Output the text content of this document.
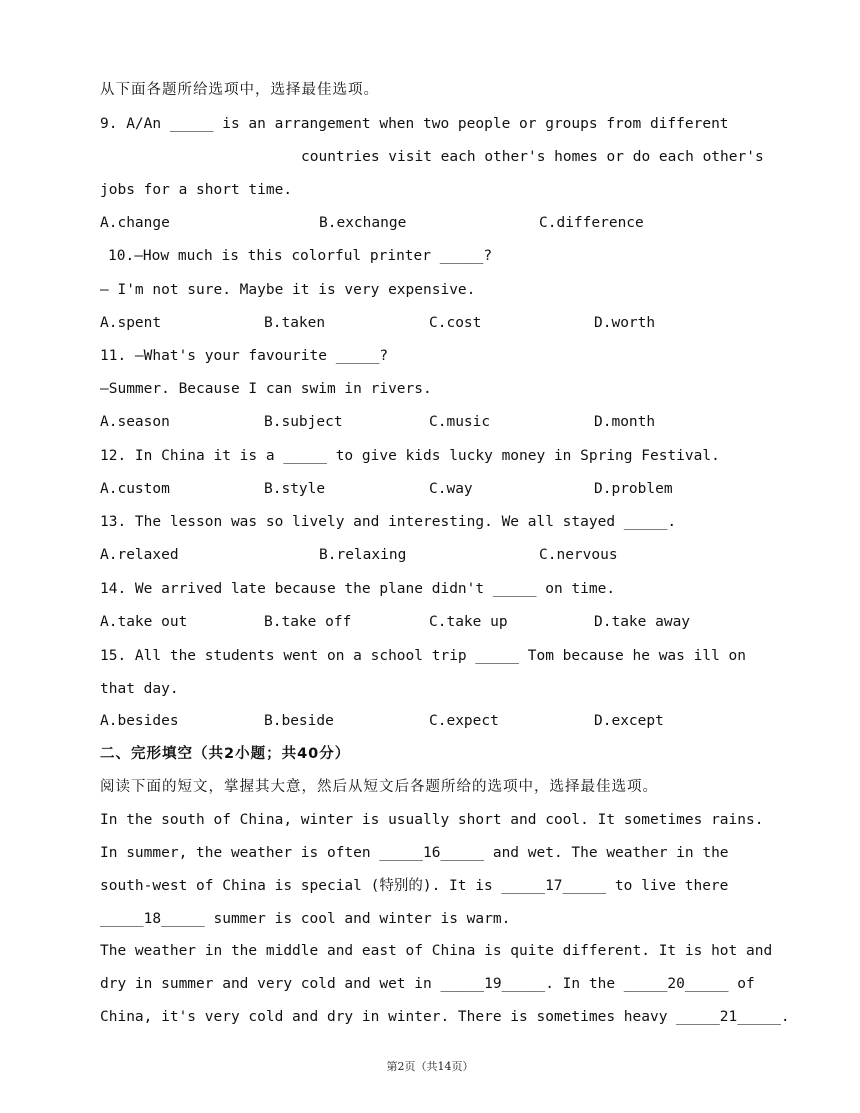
从下面各题所给选项中，选择最佳选项。
9. A/An _____ is an arrangement when two people or groups from different
countries visit each other's homes or do each other's
jobs for a short time.
A.change	B.exchange	C.difference
10.—How much is this colorful printer _____?
— I'm not sure. Maybe it is very expensive.
A.spent	B.taken	C.cost	D.worth
11. —What's your favourite _____?
—Summer. Because I can swim in rivers.
A.season	B.subject	C.music	D.month
12. In China it is a _____ to give kids lucky money in Spring Festival.
A.custom	B.style	C.way	D.problem
13. The lesson was so lively and interesting. We all stayed _____.
A.relaxed	B.relaxing	C.nervous
14. We arrived late because the plane didn't _____ on time.
A.take out	B.take off	C.take up	D.take away
15. All the students went on a school trip _____ Tom because he was ill on
that day.
A.besides	B.beside	C.expect	D.except
二、完形填空（共2小题；共40分）
阅读下面的短文，掌握其大意，然后从短文后各题所给的选项中，选择最佳选项。
In the south of China, winter is usually short and cool. It sometimes rains.
In summer, the weather is often _____16_____ and wet. The weather in the
south-west of China is special (特别的). It is _____17_____ to live there
_____18_____ summer is cool and winter is warm.
The weather in the middle and east of China is quite different. It is hot and
dry in summer and very cold and wet in _____19_____. In the _____20_____ of
China, it's very cold and dry in winter. There is sometimes heavy _____21_____.
第2页（共14页）
